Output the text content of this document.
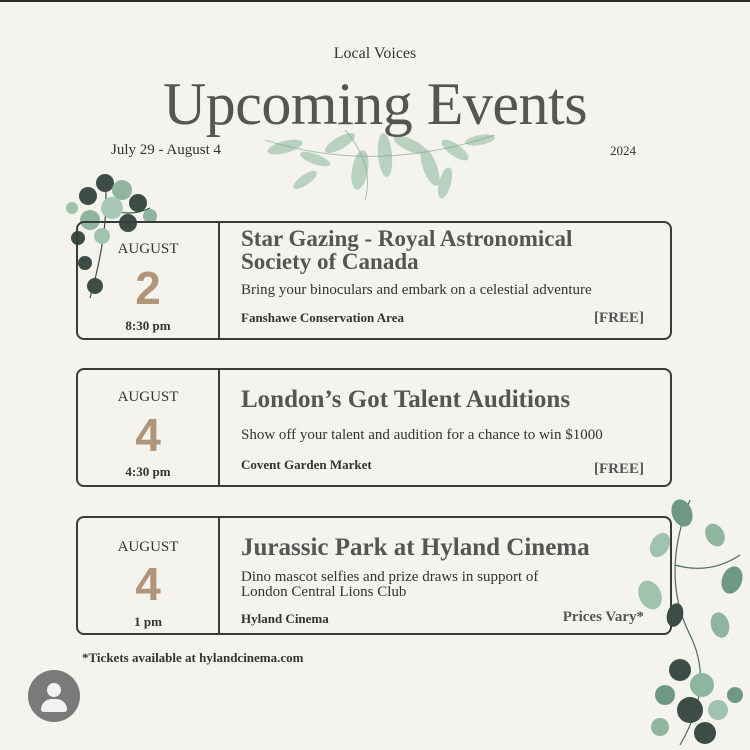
Local Voices
Upcoming Events
July 29 - August 4	2024
AUGUST
2
8:30 pm
Star Gazing - Royal Astronomical
Society of Canada
Bring your binoculars and embark on a celestial adventure
Fanshawe Conservation Area	[FREE]
AUGUST
4
4:30 pm
London’s Got Talent Auditions
Show off your talent and audition for a chance to win $1000
Covent Garden Market	[FREE]
AUGUST
4
1 pm
Jurassic Park at Hyland Cinema
Dino mascot selfies and prize draws in support of
London Central Lions Club
Hyland Cinema	Prices Vary*
*Tickets available at hylandcinema.com
